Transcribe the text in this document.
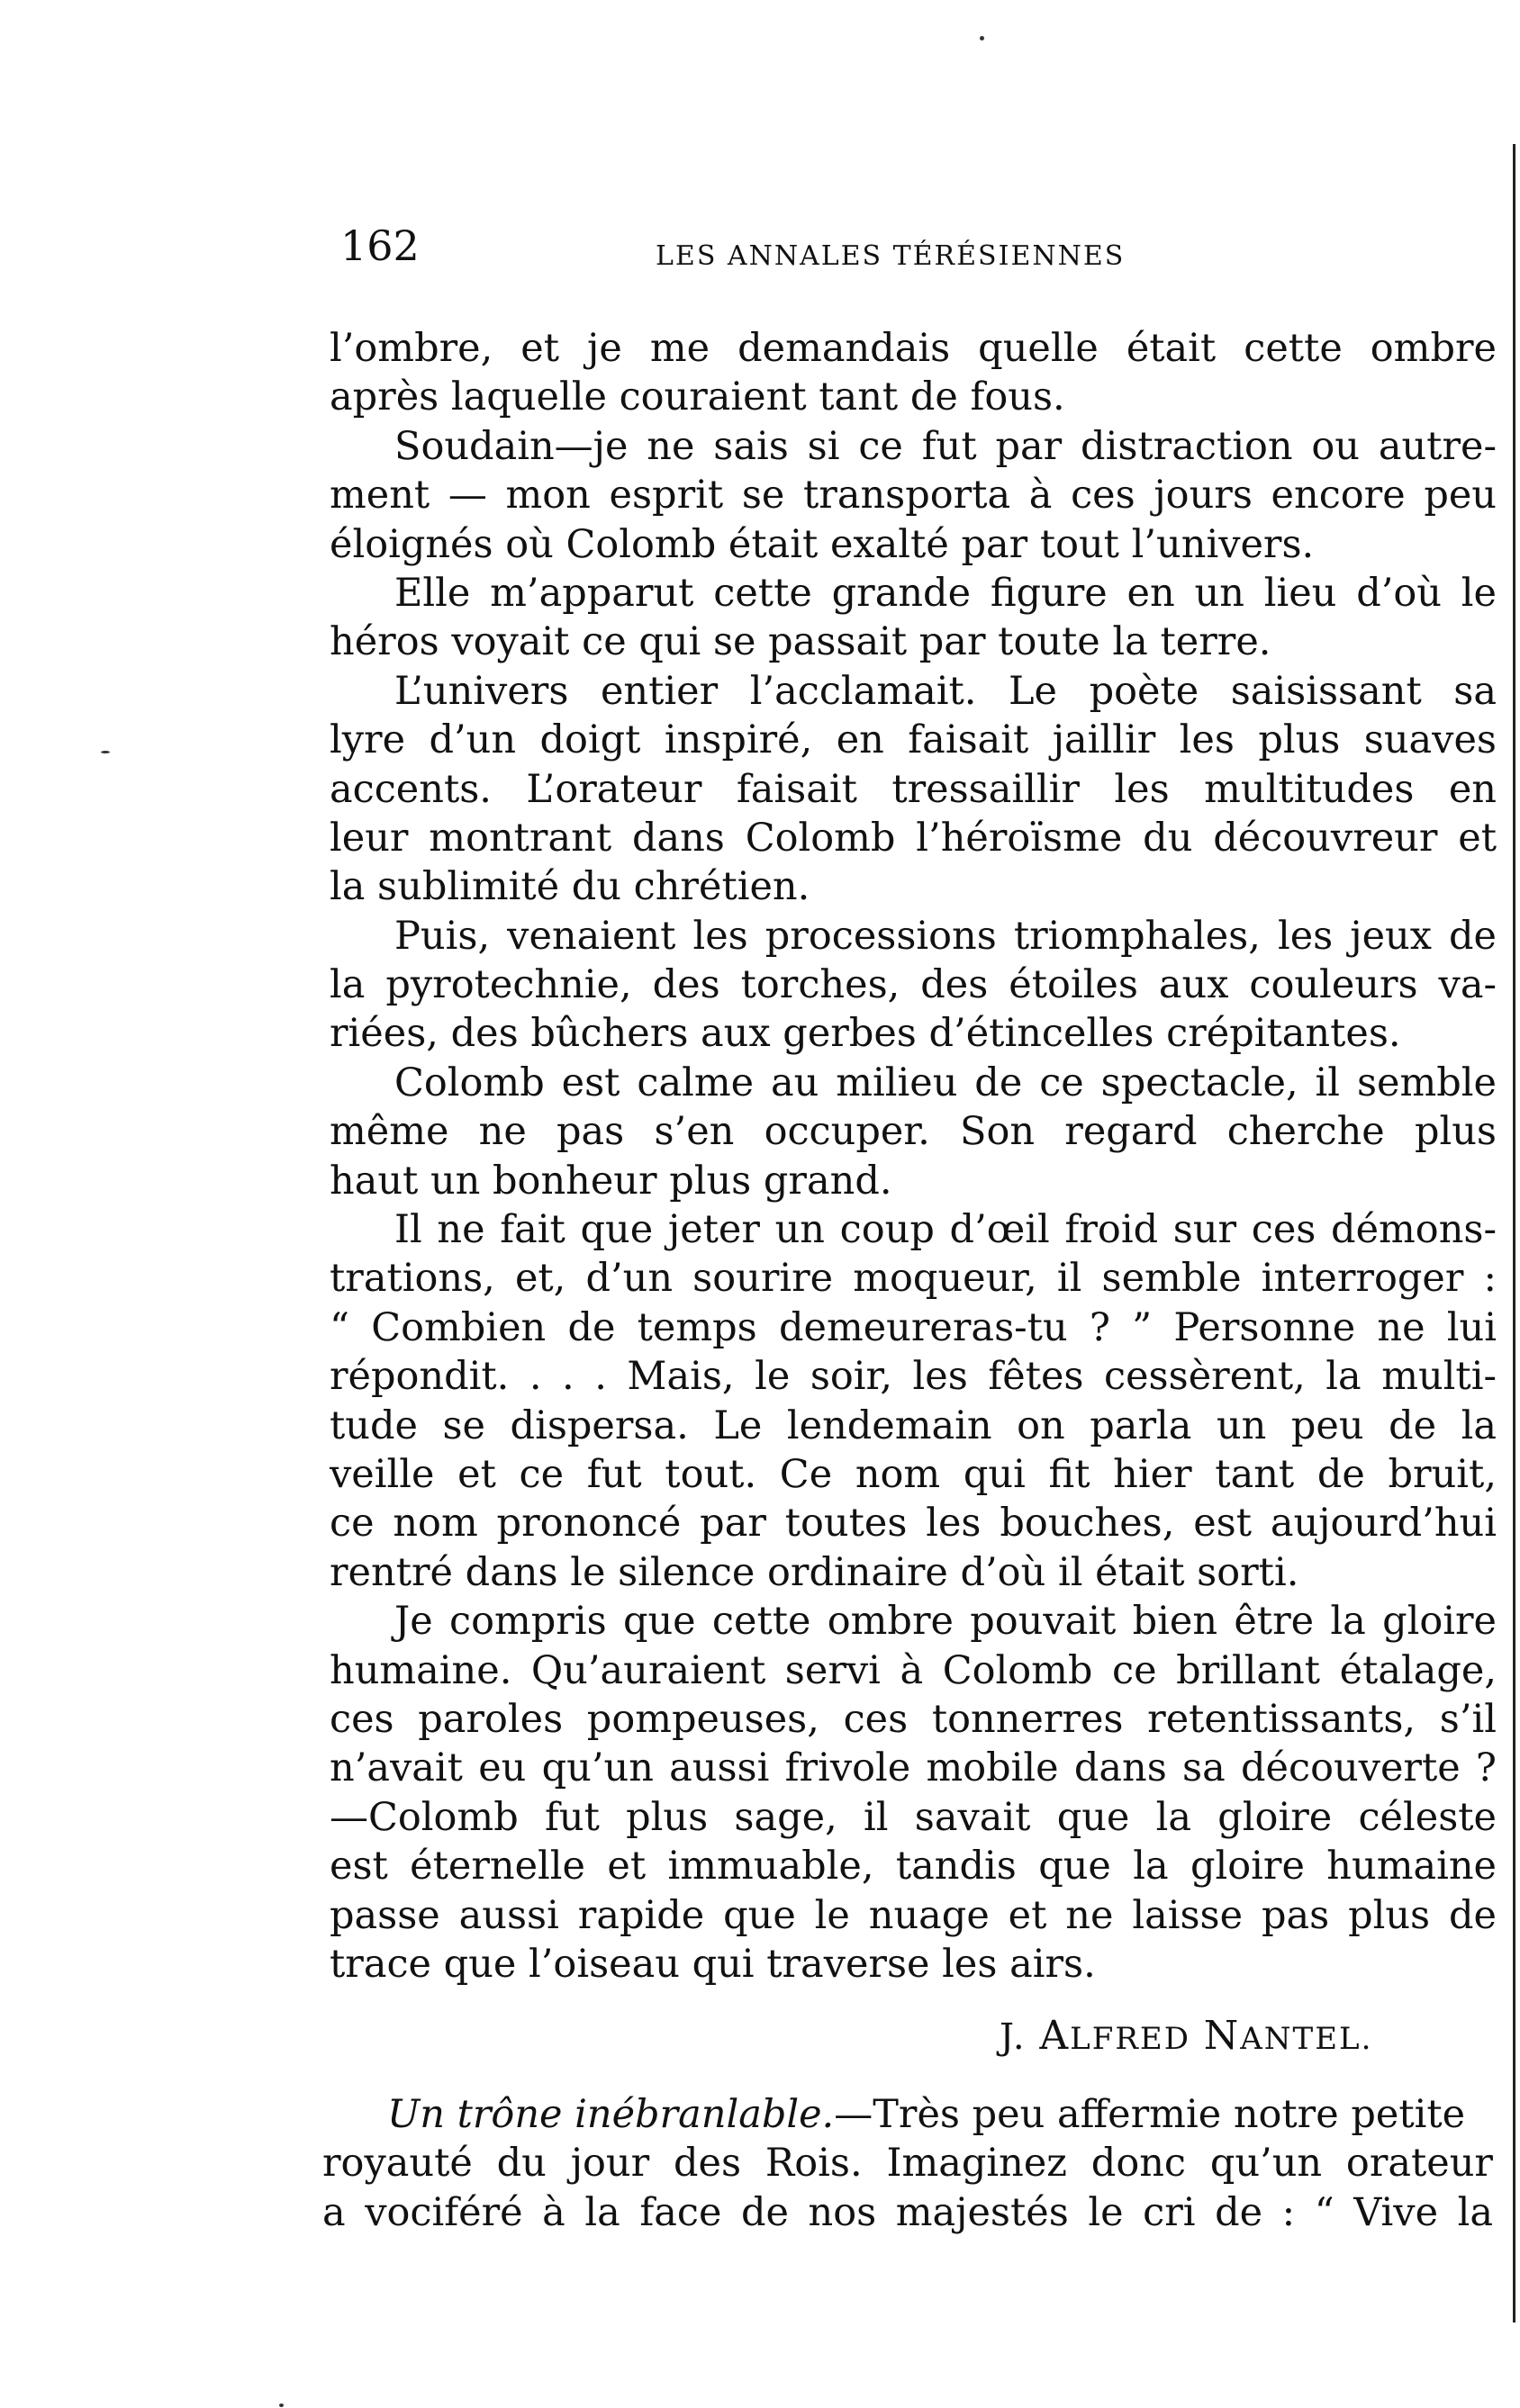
162	LES ANNALES TÉRÉSIENNES
l’ombre, et je me demandais quelle était cette ombre
après laquelle couraient tant de fous.
Soudain—je ne sais si ce fut par distraction ou autre-
ment — mon esprit se transporta à ces jours encore peu
éloignés où Colomb était exalté par tout l’univers.
Elle m’apparut cette grande figure en un lieu d’où le
héros voyait ce qui se passait par toute la terre.
L’univers entier l’acclamait. Le poète saisissant sa
lyre d’un doigt inspiré, en faisait jaillir les plus suaves
accents. L’orateur faisait tressaillir les multitudes en
leur montrant dans Colomb l’héroïsme du découvreur et
la sublimité du chrétien.
Puis, venaient les processions triomphales, les jeux de
la pyrotechnie, des torches, des étoiles aux couleurs va-
riées, des bûchers aux gerbes d’étincelles crépitantes.
Colomb est calme au milieu de ce spectacle, il semble
même ne pas s’en occuper. Son regard cherche plus
haut un bonheur plus grand.
Il ne fait que jeter un coup d’œil froid sur ces démons-
trations, et, d’un sourire moqueur, il semble interroger :
“ Combien de temps demeureras-tu ? ” Personne ne lui
répondit. . . . Mais, le soir, les fêtes cessèrent, la multi-
tude se dispersa. Le lendemain on parla un peu de la
veille et ce fut tout. Ce nom qui fit hier tant de bruit,
ce nom prononcé par toutes les bouches, est aujourd’hui
rentré dans le silence ordinaire d’où il était sorti.
Je compris que cette ombre pouvait bien être la gloire
humaine. Qu’auraient servi à Colomb ce brillant étalage,
ces paroles pompeuses, ces tonnerres retentissants, s’il
n’avait eu qu’un aussi frivole mobile dans sa découverte ?
—Colomb fut plus sage, il savait que la gloire céleste
est éternelle et immuable, tandis que la gloire humaine
passe aussi rapide que le nuage et ne laisse pas plus de
trace que l’oiseau qui traverse les airs.
J. ALFRED NANTEL.
Un trône inébranlable. —Très peu affermie notre petite
royauté du jour des Rois. Imaginez donc qu’un orateur
a vociféré à la face de nos majestés le cri de : “ Vive la
